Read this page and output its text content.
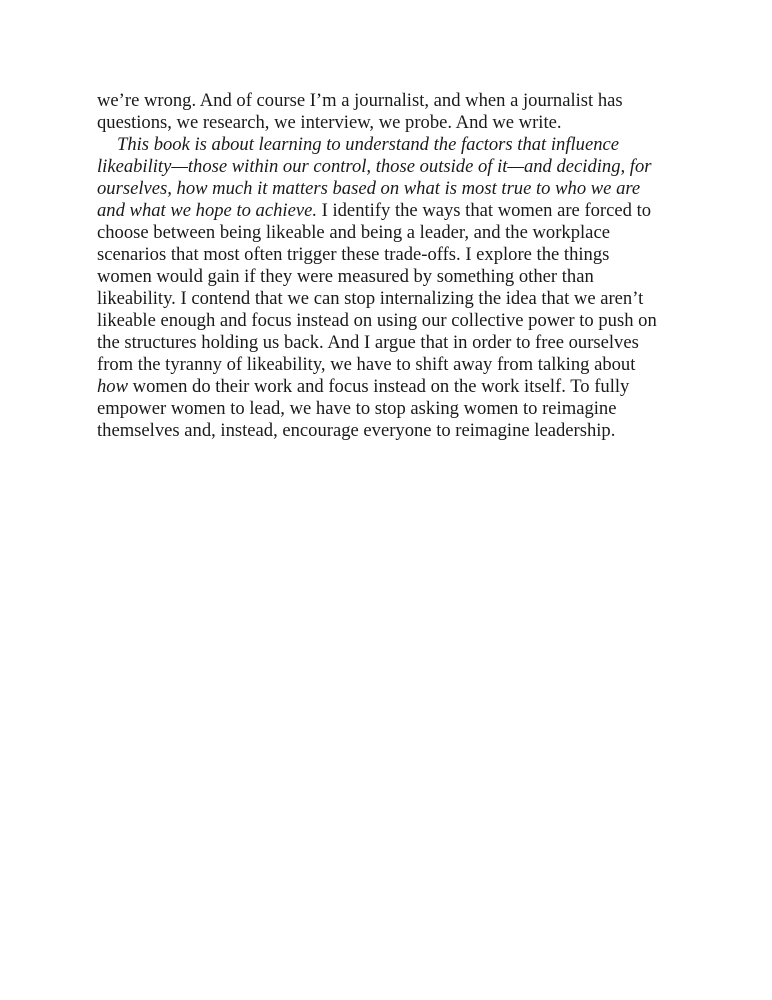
we’re wrong. And of course I’m a journalist, and when a journalist has
questions, we research, we interview, we probe. And we write.
This book is about learning to understand the factors that influence
likeability—those within our control, those outside of it—and deciding, for
ourselves, how much it matters based on what is most true to who we are
and what we hope to achieve. I identify the ways that women are forced to
choose between being likeable and being a leader, and the workplace
scenarios that most often trigger these trade-offs. I explore the things
women would gain if they were measured by something other than
likeability. I contend that we can stop internalizing the idea that we aren’t
likeable enough and focus instead on using our collective power to push on
the structures holding us back. And I argue that in order to free ourselves
from the tyranny of likeability, we have to shift away from talking about
how women do their work and focus instead on the work itself. To fully
empower women to lead, we have to stop asking women to reimagine
themselves and, instead, encourage everyone to reimagine leadership.
